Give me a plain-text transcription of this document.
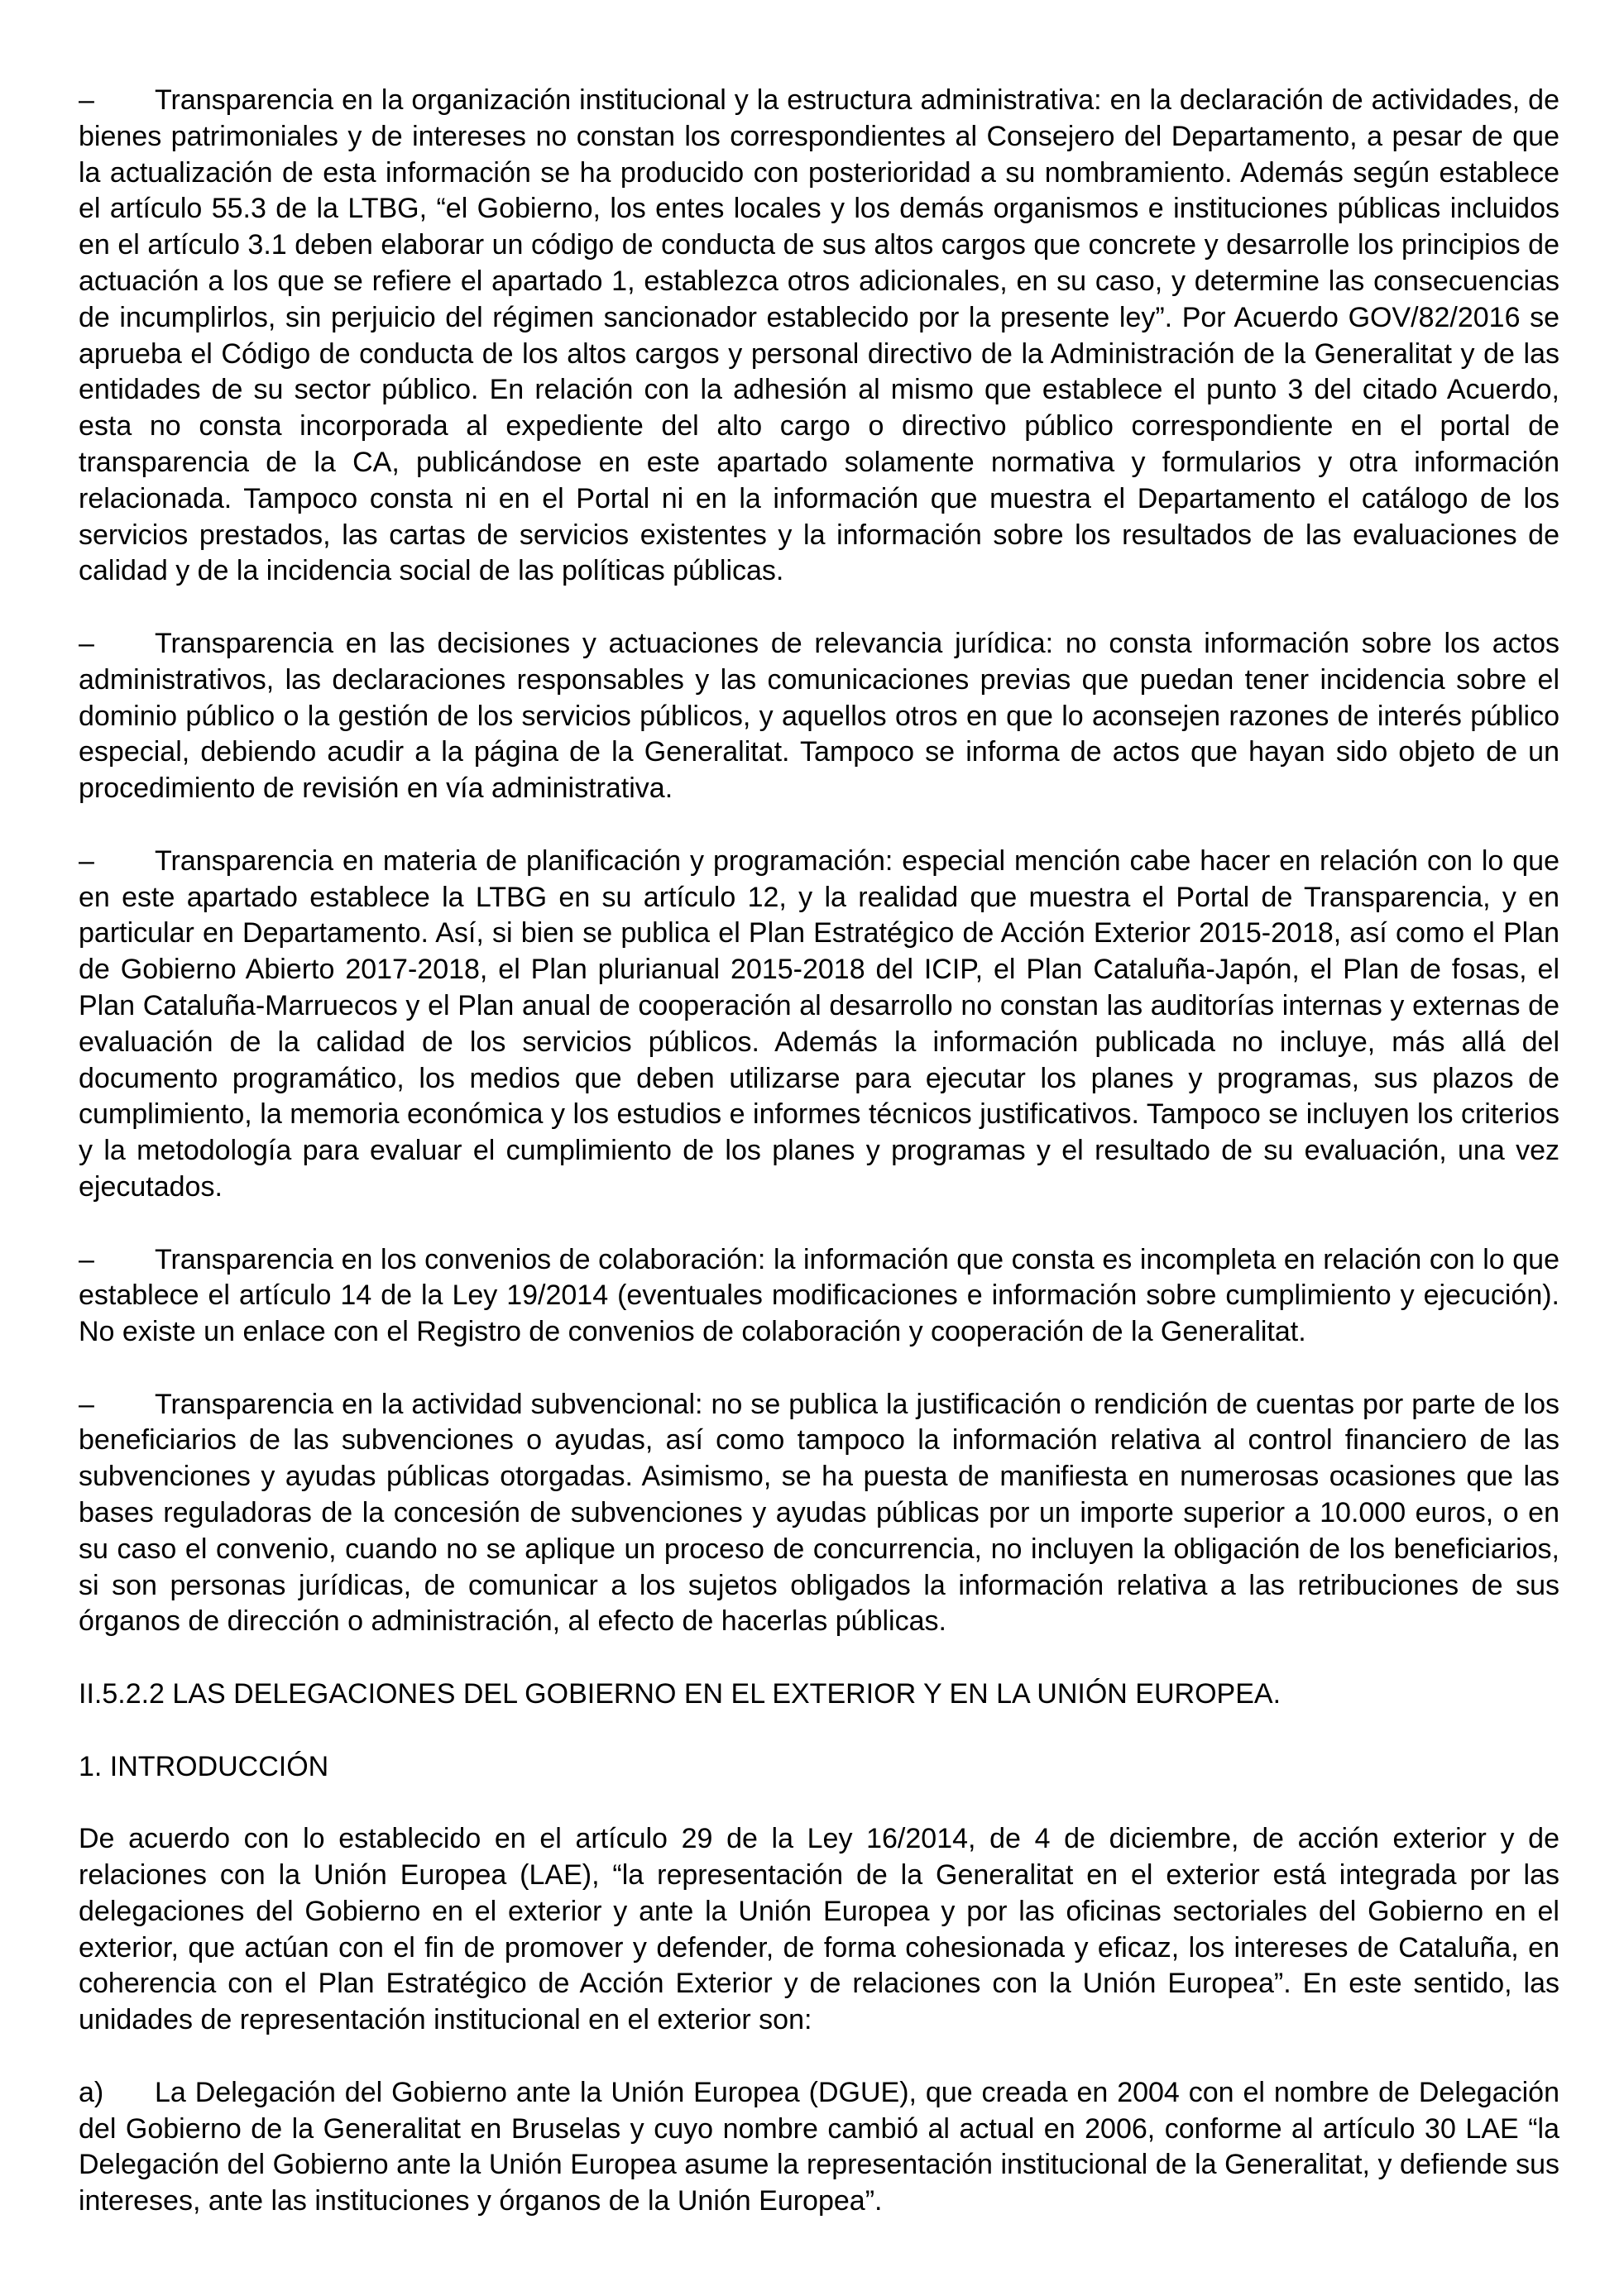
– Transparencia en la organización institucional y la estructura administrativa: en la declaración de actividades, de bienes patrimoniales y de intereses no constan los correspondientes al Consejero del Departamento, a pesar de que la actualización de esta información se ha producido con posterioridad a su nombramiento. Además según establece el artículo 55.3 de la LTBG, “el Gobierno, los entes locales y los demás organismos e instituciones públicas incluidos en el artículo 3.1 deben elaborar un código de conducta de sus altos cargos que concrete y desarrolle los principios de actuación a los que se refiere el apartado 1, establezca otros adicionales, en su caso, y determine las consecuencias de incumplirlos, sin perjuicio del régimen sancionador establecido por la presente ley”. Por Acuerdo GOV/82/2016 se aprueba el Código de conducta de los altos cargos y personal directivo de la Administración de la Generalitat y de las entidades de su sector público. En relación con la adhesión al mismo que establece el punto 3 del citado Acuerdo, esta no consta incorporada al expediente del alto cargo o directivo público correspondiente en el portal de transparencia de la CA, publicándose en este apartado solamente normativa y formularios y otra información relacionada. Tampoco consta ni en el Portal ni en la información que muestra el Departamento el catálogo de los servicios prestados, las cartas de servicios existentes y la información sobre los resultados de las evaluaciones de calidad y de la incidencia social de las políticas públicas.

– Transparencia en las decisiones y actuaciones de relevancia jurídica: no consta información sobre los actos administrativos, las declaraciones responsables y las comunicaciones previas que puedan tener incidencia sobre el dominio público o la gestión de los servicios públicos, y aquellos otros en que lo aconsejen razones de interés público especial, debiendo acudir a la página de la Generalitat. Tampoco se informa de actos que hayan sido objeto de un procedimiento de revisión en vía administrativa.

– Transparencia en materia de planificación y programación: especial mención cabe hacer en relación con lo que en este apartado establece la LTBG en su artículo 12, y la realidad que muestra el Portal de Transparencia, y en particular en Departamento. Así, si bien se publica el Plan Estratégico de Acción Exterior 2015-2018, así como el Plan de Gobierno Abierto 2017-2018, el Plan plurianual 2015-2018 del ICIP, el Plan Cataluña-Japón, el Plan de fosas, el Plan Cataluña-Marruecos y el Plan anual de cooperación al desarrollo no constan las auditorías internas y externas de evaluación de la calidad de los servicios públicos. Además la información publicada no incluye, más allá del documento programático, los medios que deben utilizarse para ejecutar los planes y programas, sus plazos de cumplimiento, la memoria económica y los estudios e informes técnicos justificativos. Tampoco se incluyen los criterios y la metodología para evaluar el cumplimiento de los planes y programas y el resultado de su evaluación, una vez ejecutados.

– Transparencia en los convenios de colaboración: la información que consta es incompleta en relación con lo que establece el artículo 14 de la Ley 19/2014 (eventuales modificaciones e información sobre cumplimiento y ejecución). No existe un enlace con el Registro de convenios de colaboración y cooperación de la Generalitat.

– Transparencia en la actividad subvencional: no se publica la justificación o rendición de cuentas por parte de los beneficiarios de las subvenciones o ayudas, así como tampoco la información relativa al control financiero de las subvenciones y ayudas públicas otorgadas. Asimismo, se ha puesta de manifiesta en numerosas ocasiones que las bases reguladoras de la concesión de subvenciones y ayudas públicas por un importe superior a 10.000 euros, o en su caso el convenio, cuando no se aplique un proceso de concurrencia, no incluyen la obligación de los beneficiarios, si son personas jurídicas, de comunicar a los sujetos obligados la información relativa a las retribuciones de sus órganos de dirección o administración, al efecto de hacerlas públicas.

II.5.2.2 LAS DELEGACIONES DEL GOBIERNO EN EL EXTERIOR Y EN LA UNIÓN EUROPEA.
1. INTRODUCCIÓN

De acuerdo con lo establecido en el artículo 29 de la Ley 16/2014, de 4 de diciembre, de acción exterior y de relaciones con la Unión Europea (LAE), “la representación de la Generalitat en el exterior está integrada por las delegaciones del Gobierno en el exterior y ante la Unión Europea y por las oficinas sectoriales del Gobierno en el exterior, que actúan con el fin de promover y defender, de forma cohesionada y eficaz, los intereses de Cataluña, en coherencia con el Plan Estratégico de Acción Exterior y de relaciones con la Unión Europea”. En este sentido, las unidades de representación institucional en el exterior son:

a) La Delegación del Gobierno ante la Unión Europea (DGUE), que creada en 2004 con el nombre de Delegación del Gobierno de la Generalitat en Bruselas y cuyo nombre cambió al actual en 2006, conforme al artículo 30 LAE “la Delegación del Gobierno ante la Unión Europea asume la representación institucional de la Generalitat, y defiende sus intereses, ante las instituciones y órganos de la Unión Europea”.
